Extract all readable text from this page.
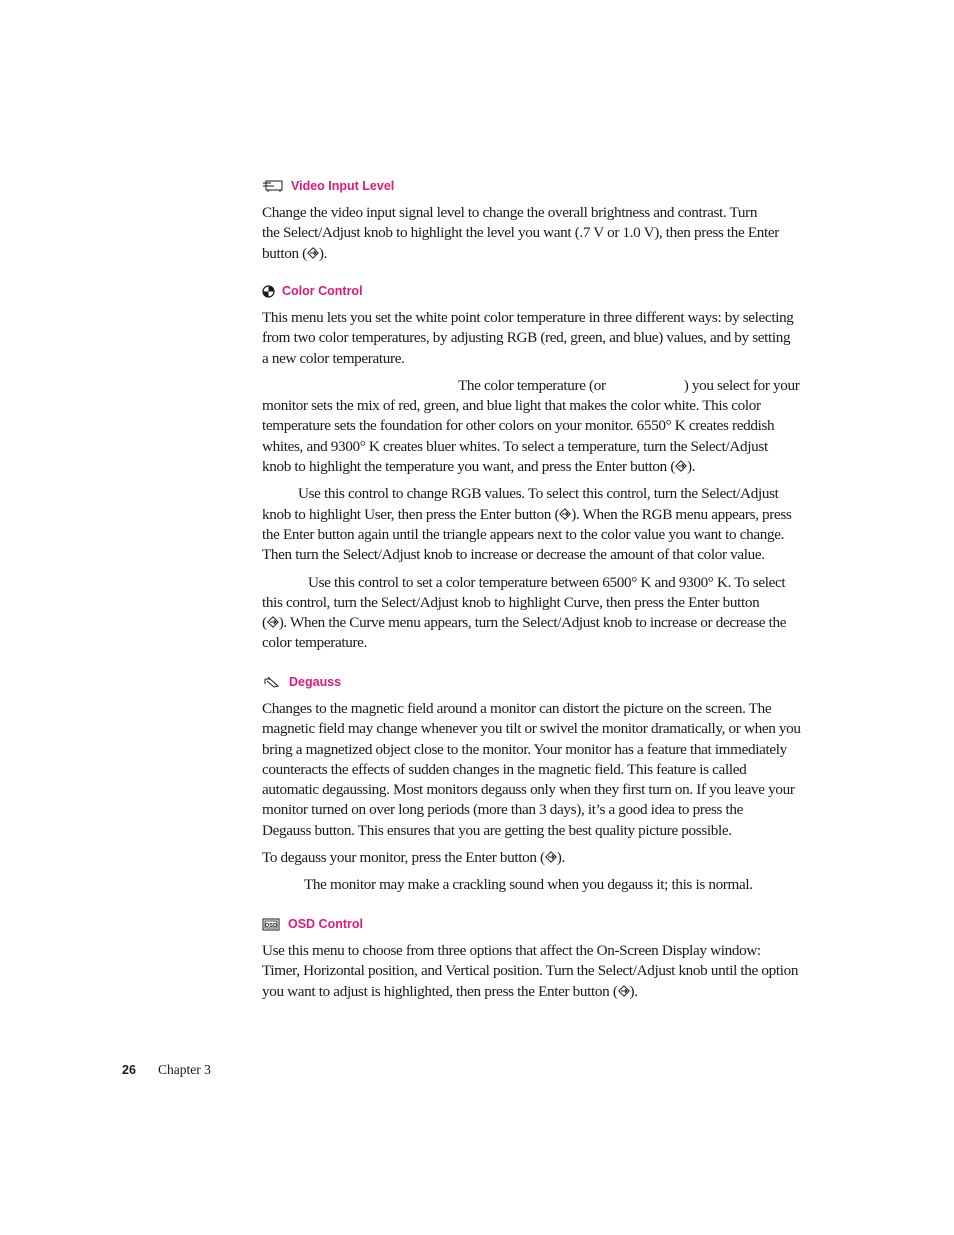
Video Input Level

Change the video input signal level to change the overall brightness and contrast. Turn

the Select/Adjust knob to highlight the level you want (.7 V or 1.0 V), then press the Enter

button ( ).

Color Control

This menu lets you set the white point color temperature in three different ways: by selecting

from two color temperatures, by adjusting RGB (red, green, and blue) values, and by setting

a new color temperature.

The color temperature (or	) you select for your

monitor sets the mix of red, green, and blue light that makes the color white. This color

temperature sets the foundation for other colors on your monitor. 6550° K creates reddish

whites, and 9300° K creates bluer whites. To select a temperature, turn the Select/Adjust

knob to highlight the temperature you want, and press the Enter button ( ).

Use this control to change RGB values. To select this control, turn the Select/Adjust

knob to highlight User, then press the Enter button ( ). When the RGB menu appears, press

the Enter button again until the triangle appears next to the color value you want to change.

Then turn the Select/Adjust knob to increase or decrease the amount of that color value.

Use this control to set a color temperature between 6500° K and 9300° K. To select

this control, turn the Select/Adjust knob to highlight Curve, then press the Enter button

( ). When the Curve menu appears, turn the Select/Adjust knob to increase or decrease the

color temperature.

Degauss

Changes to the magnetic field around a monitor can distort the picture on the screen. The

magnetic field may change whenever you tilt or swivel the monitor dramatically, or when you

bring a magnetized object close to the monitor. Your monitor has a feature that immediately

counteracts the effects of sudden changes in the magnetic field. This feature is called

automatic degaussing. Most monitors degauss only when they first turn on. If you leave your

monitor turned on over long periods (more than 3 days), it’s a good idea to press the

Degauss button. This ensures that you are getting the best quality picture possible.

To degauss your monitor, press the Enter button ( ).

The monitor may make a crackling sound when you degauss it; this is normal.

OSD OSD Control

Use this menu to choose from three options that affect the On-Screen Display window:

Timer, Horizontal position, and Vertical position. Turn the Select/Adjust knob until the option

you want to adjust is highlighted, then press the Enter button ( ).

26	Chapter 3
